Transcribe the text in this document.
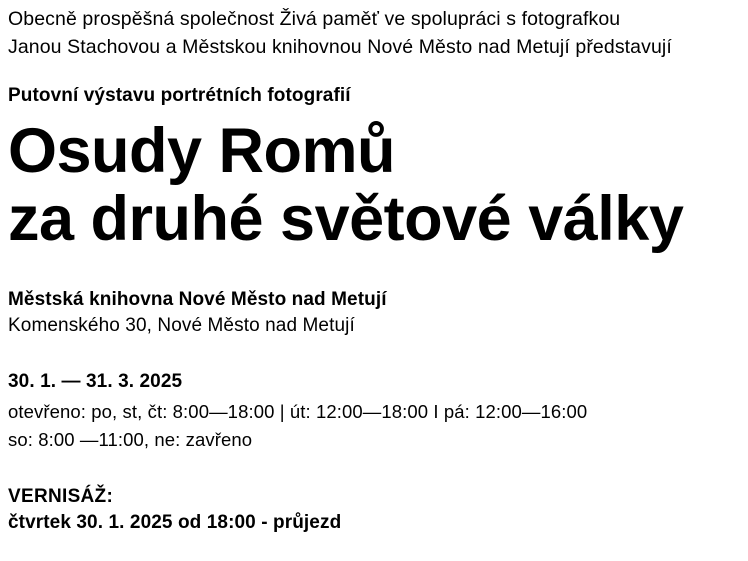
Obecně prospěšná společnost Živá paměť ve spolupráci s fotografkou
Janou Stachovou a Městskou knihovnou Nové Město nad Metují představují
Putovní výstavu portrétních fotografií
Osudy Romů
za druhé světové války
Městská knihovna Nové Město nad Metují
Komenského 30, Nové Město nad Metují
30. 1. — 31. 3. 2025
otevřeno: po, st, čt: 8:00—18:00 | út: 12:00—18:00 I pá: 12:00—16:00
so: 8:00 —11:00, ne: zavřeno
VERNISÁŽ:
čtvrtek 30. 1. 2025 od 18:00 - průjezd
